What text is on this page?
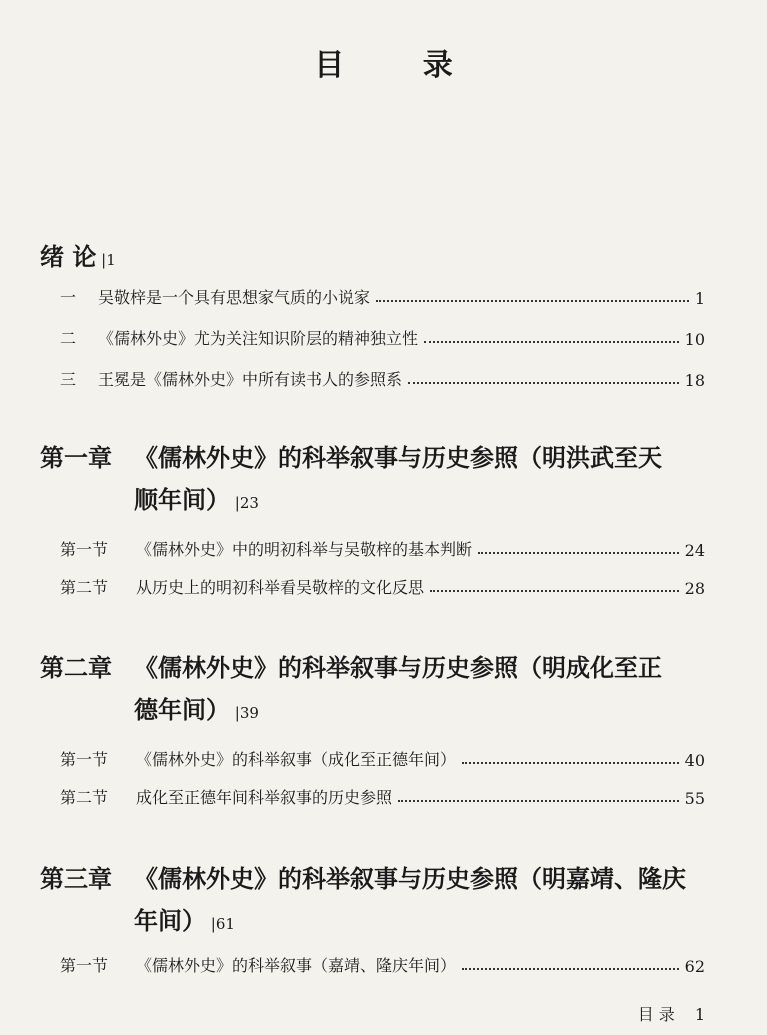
目 录
绪 论 |1
一	吴敬梓是一个具有思想家气质的小说家	1
二	《儒林外史》尤为关注知识阶层的精神独立性	10
三	王冕是《儒林外史》中所有读书人的参照系	18
第一章 《儒林外史》的科举叙事与历史参照（明洪武至天
顺年间） |23
第一节	《儒林外史》中的明初科举与吴敬梓的基本判断	24
第二节	从历史上的明初科举看吴敬梓的文化反思	28
第二章 《儒林外史》的科举叙事与历史参照（明成化至正
德年间） |39
第一节	《儒林外史》的科举叙事（成化至正德年间）	40
第二节	成化至正德年间科举叙事的历史参照	55
第三章 《儒林外史》的科举叙事与历史参照（明嘉靖、隆庆
年间） |61
第一节	《儒林外史》的科举叙事（嘉靖、隆庆年间）	62
目 录 1
